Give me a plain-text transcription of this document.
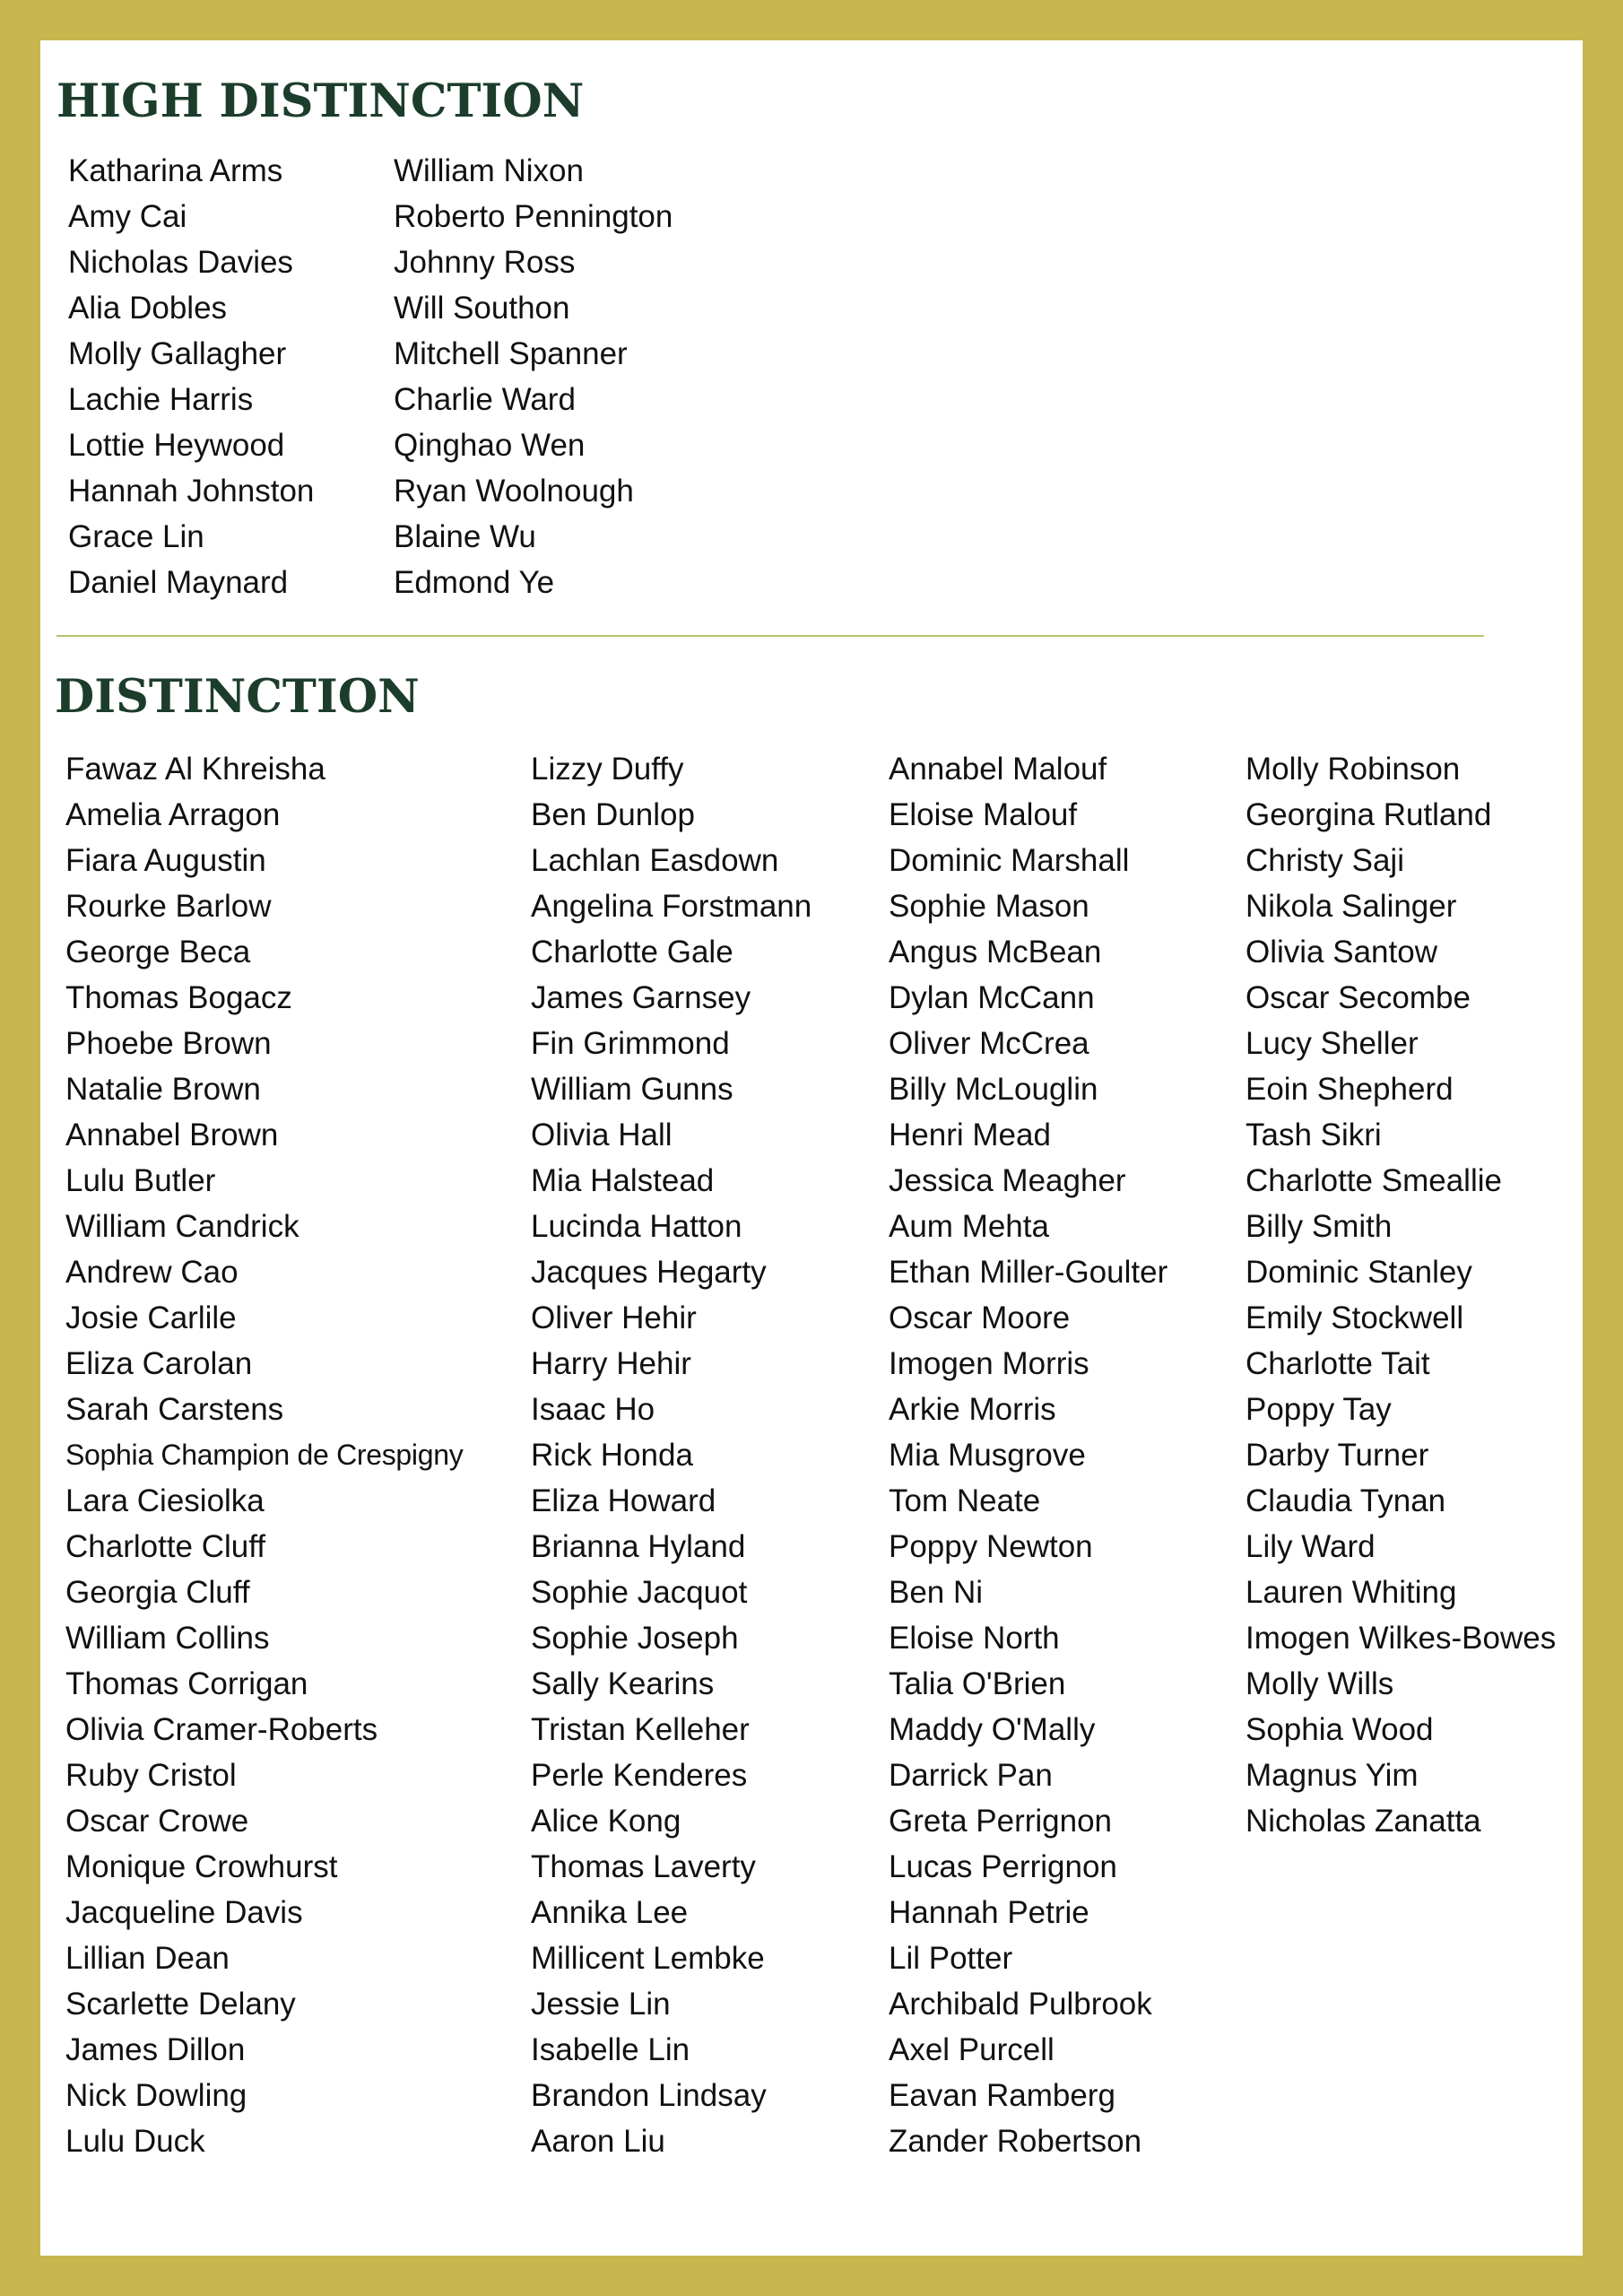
HIGH DISTINCTION
Katharina Arms
Amy Cai
Nicholas Davies
Alia Dobles
Molly Gallagher
Lachie Harris
Lottie Heywood
Hannah Johnston
Grace Lin
Daniel Maynard
William Nixon
Roberto Pennington
Johnny Ross
Will Southon
Mitchell Spanner
Charlie Ward
Qinghao Wen
Ryan Woolnough
Blaine Wu
Edmond Ye
DISTINCTION
Fawaz Al Khreisha
Amelia Arragon
Fiara Augustin
Rourke Barlow
George Beca
Thomas Bogacz
Phoebe Brown
Natalie Brown
Annabel Brown
Lulu Butler
William Candrick
Andrew Cao
Josie Carlile
Eliza Carolan
Sarah Carstens
Sophia Champion de Crespigny
Lara Ciesiolka
Charlotte Cluff
Georgia Cluff
William Collins
Thomas Corrigan
Olivia Cramer-Roberts
Ruby Cristol
Oscar Crowe
Monique Crowhurst
Jacqueline Davis
Lillian Dean
Scarlette Delany
James Dillon
Nick Dowling
Lulu Duck
Lizzy Duffy
Ben Dunlop
Lachlan Easdown
Angelina Forstmann
Charlotte Gale
James Garnsey
Fin Grimmond
William Gunns
Olivia Hall
Mia Halstead
Lucinda Hatton
Jacques Hegarty
Oliver Hehir
Harry Hehir
Isaac Ho
Rick Honda
Eliza Howard
Brianna Hyland
Sophie Jacquot
Sophie Joseph
Sally Kearins
Tristan Kelleher
Perle Kenderes
Alice Kong
Thomas Laverty
Annika Lee
Millicent Lembke
Jessie Lin
Isabelle Lin
Brandon Lindsay
Aaron Liu
Annabel Malouf
Eloise Malouf
Dominic Marshall
Sophie Mason
Angus McBean
Dylan McCann
Oliver McCrea
Billy McLouglin
Henri Mead
Jessica Meagher
Aum Mehta
Ethan Miller-Goulter
Oscar Moore
Imogen Morris
Arkie Morris
Mia Musgrove
Tom Neate
Poppy Newton
Ben Ni
Eloise North
Talia O'Brien
Maddy O'Mally
Darrick Pan
Greta Perrignon
Lucas Perrignon
Hannah Petrie
Lil Potter
Archibald Pulbrook
Axel Purcell
Eavan Ramberg
Zander Robertson
Molly Robinson
Georgina Rutland
Christy Saji
Nikola Salinger
Olivia Santow
Oscar Secombe
Lucy Sheller
Eoin Shepherd
Tash Sikri
Charlotte Smeallie
Billy Smith
Dominic Stanley
Emily Stockwell
Charlotte Tait
Poppy Tay
Darby Turner
Claudia Tynan
Lily Ward
Lauren Whiting
Imogen Wilkes-Bowes
Molly Wills
Sophia Wood
Magnus Yim
Nicholas Zanatta
